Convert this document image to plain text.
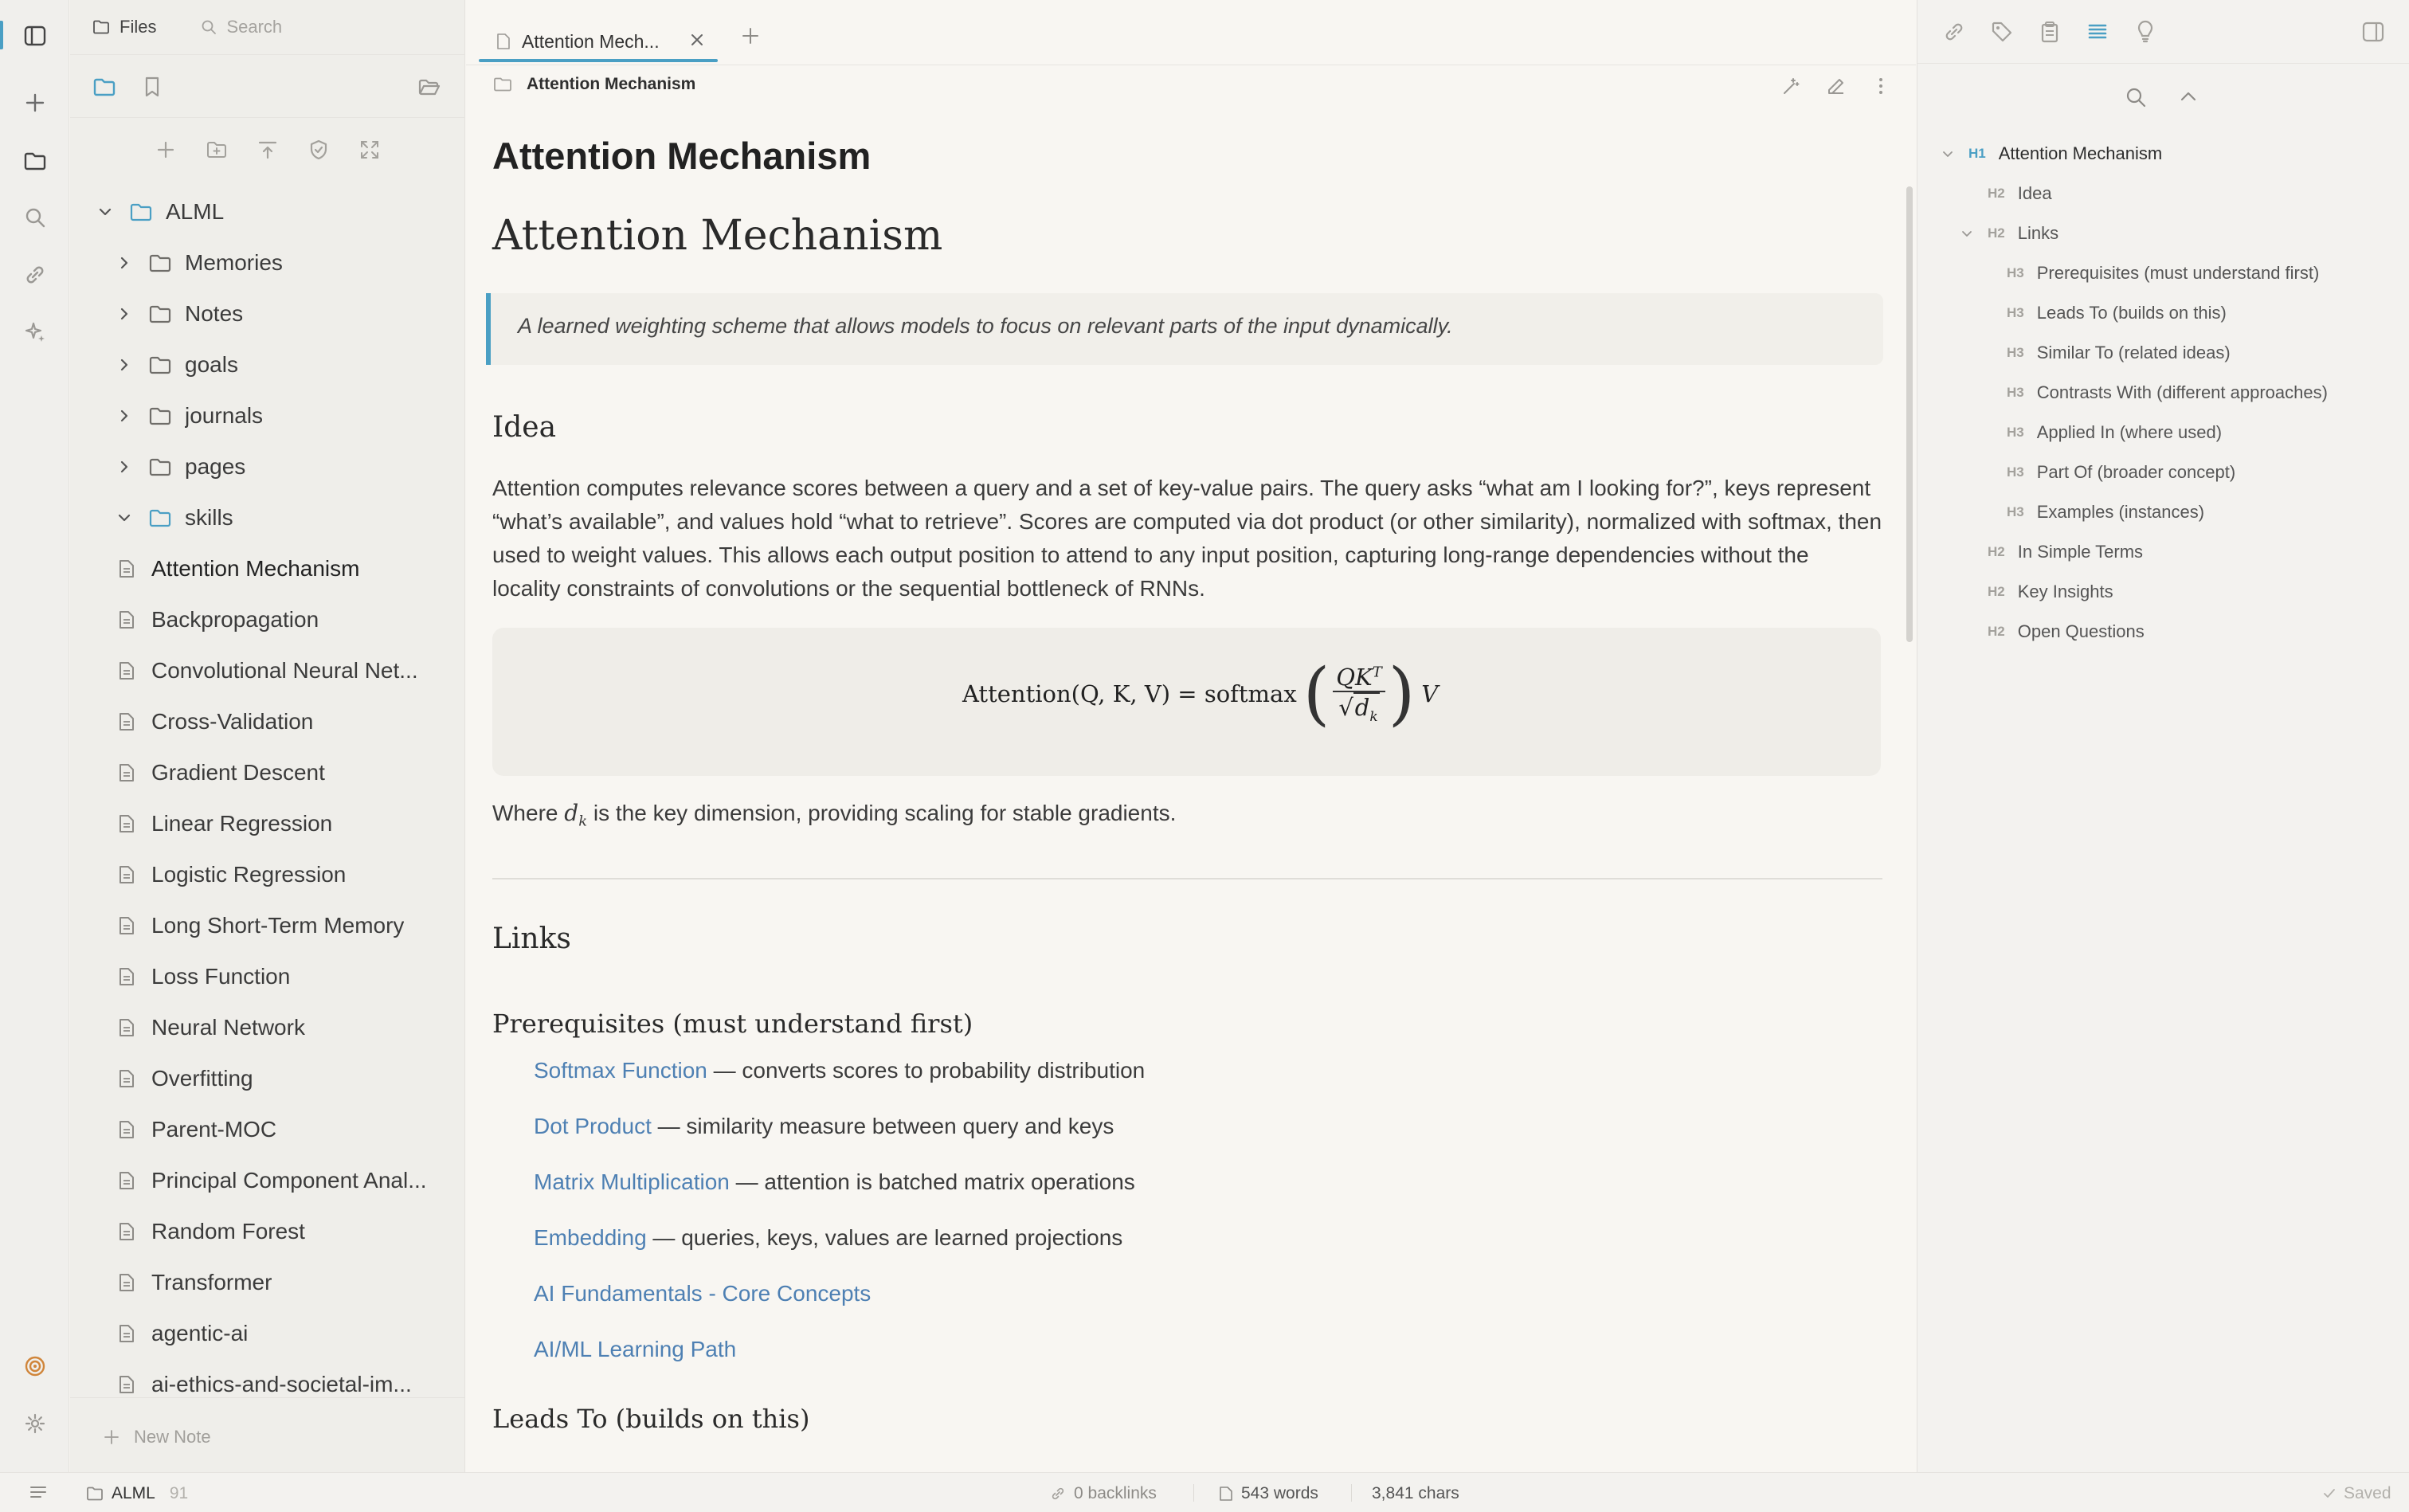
Files	Search
ALML
Memories
Notes
goals
journals
pages
skills
Attention Mechanism
Backpropagation
Convolutional Neural Net...
Cross-Validation
Gradient Descent
Linear Regression
Logistic Regression
Long Short-Term Memory
Loss Function
Neural Network
Overfitting
Parent-MOC
Principal Component Anal...
Random Forest
Transformer
agentic-ai
ai-ethics-and-societal-im...
New Note
Attention Mech...
Attention Mechanism
Attention Mechanism
Attention Mechanism
A learned weighting scheme that allows models to focus on relevant parts of the input dynamically.
Idea
Attention computes relevance scores between a query and a set of key-value pairs. The query asks “what am I looking for?”, keys represent “what’s available”, and values hold “what to retrieve”. Scores are computed via dot product (or other similarity), normalized with softmax, then used to weight values. This allows each output position to attend to any input position, capturing long-range dependencies without the locality constraints of convolutions or the sequential bottleneck of RNNs.
Attention(Q, K, V) = softmax ( $QK^T$
$√d_k$ ) V
Where $d_k$ is the key dimension, providing scaling for stable gradients.
Links
Prerequisites (must understand first)
Softmax Function — converts scores to probability distribution
Dot Product — similarity measure between query and keys
Matrix Multiplication — attention is batched matrix operations
Embedding — queries, keys, values are learned projections
AI Fundamentals - Core Concepts
AI/ML Learning Path
Leads To (builds on this)
H1 Attention Mechanism
H2 Idea
H2 Links
H3 Prerequisites (must understand first)
H3 Leads To (builds on this)
H3 Similar To (related ideas)
H3 Contrasts With (different approaches)
H3 Applied In (where used)
H3 Part Of (broader concept)
H3 Examples (instances)
H2 In Simple Terms
H2 Key Insights
H2 Open Questions
ALML 91	0 backlinks	543 words	3,841 chars	Saved
